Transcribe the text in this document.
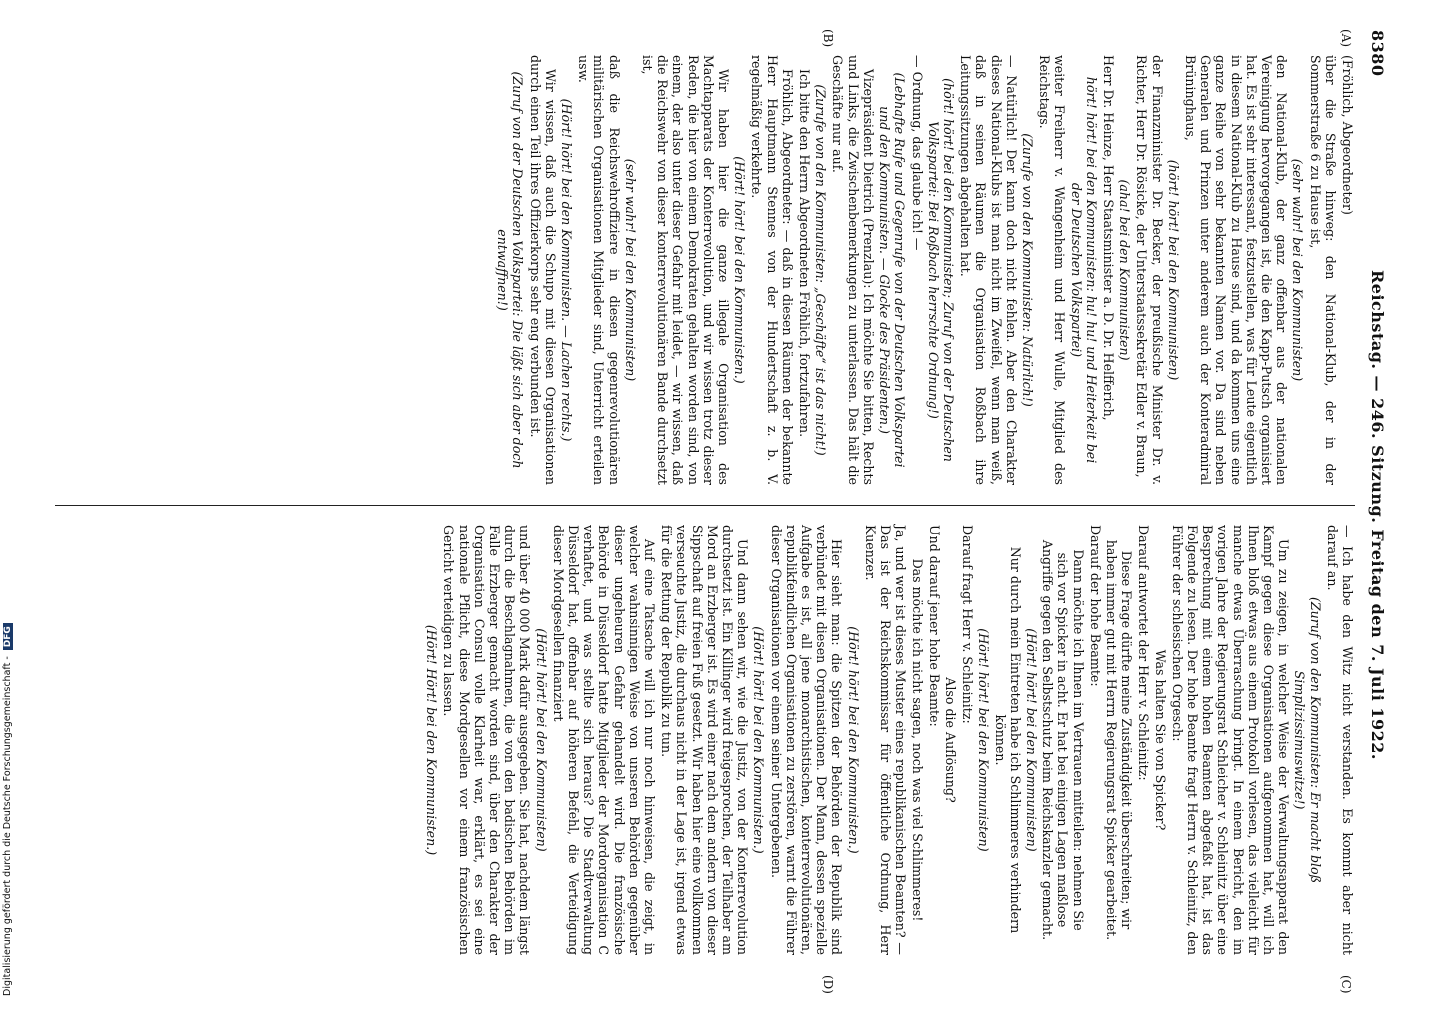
8380
Reichstag. — 246. Sitzung. Freitag den 7. Juli 1922.
(A)
(B)
(C)
(D)

(Fröhlich, Abgeordneter)

über die Straße hinweg: den National-Klub, der in der Sommerstraße 6 zu Hause ist,

(sehr wahr! bei den Kommunisten)

den National-Klub, der ganz offenbar aus der nationalen Vereinigung hervorgegangen ist, die den Kapp-Putsch organisiert hat. Es ist sehr interessant, festzustellen, was für Leute eigentlich in diesem National-Klub zu Hause sind, und da kommen uns eine ganze Reihe von sehr bekannten Namen vor. Da sind neben Generalen und Prinzen unter anderem auch der Konteradmiral Brüninghaus,

(hört! hört! bei den Kommunisten)

der Finanzminister Dr. Becker, der preußische Minister Dr. v. Richter, Herr Dr. Rösicke, der Unterstaatssekretär Edler v. Braun,

(aha! bei den Kommunisten)

Herr Dr. Heinze, Herr Staatsminister a. D. Dr. Helfferich,

hört! hört! bei den Kommunisten: hu! hu! und Heiterkeit bei der Deutschen Volkspartei)

weiter Freiherr v. Wangenheim und Herr Wulle, Mitglied des Reichstags.

(Zurufe von den Kommunisten: Natürlich!)

— Natürlich! Der kann doch nicht fehlen. Aber den Charakter dieses National-Klubs ist man nicht im Zweifel, wenn man weiß, daß in seinen Räumen die Organisation Roßbach ihre Leitungssitzungen abgehalten hat.

(hört! hört! bei den Kommunisten; Zuruf von der Deutschen Volkspartei: Bei Roßbach herrschte Ordnung!)

— Ordnung, das glaube ich! —

(Lebhafte Rufe und Gegenrufe von der Deutschen Volkspartei und den Kommunisten. — Glocke des Präsidenten.)

Vizepräsident Dietrich (Prenzlau): Ich möchte Sie bitten, Rechts und Links, die Zwischenbemerkungen zu unterlassen. Das hält die Geschäfte nur auf.

(Zurufe von den Kommunisten: „Geschäfte“ ist das nicht!)

Ich bitte den Herrn Abgeordneten Fröhlich, fortzufahren.

Fröhlich, Abgeordneter: — daß in diesen Räumen der bekannte Herr Hauptmann Stennes von der Hundertschaft z. b. V. regelmäßig verkehrte.

(Hört! hört! bei den Kommunisten.)

Wir haben hier die ganze illegale Organisation des Machtapparats der Konterrevolution, und wir wissen trotz dieser Reden, die hier von einem Demokraten gehalten worden sind, von einem, der also unter dieser Gefahr mit leidet, — wir wissen, daß die Reichswehr von dieser konterrevolutionären Bande durchsetzt ist,

(sehr wahr! bei den Kommunisten)

daß die Reichswehroffiziere in diesen gegenrevolutionären militärischen Organisationen Mitglieder sind, Unterricht erteilen usw.

(Hört! hört! bei den Kommunisten. — Lachen rechts.)

Wir wissen, daß auch die Schupo mit diesen Organisationen durch einen Teil ihres Offizierkorps sehr eng verbunden ist.

(Zuruf von der Deutschen Volkspartei: Die läßt sich aber doch entwaffnen!)

— Ich habe den Witz nicht verstanden. Es kommt aber nicht darauf an.

(Zuruf von den Kommunisten: Er macht bloß Simplizissimuswitze!)

Um zu zeigen, in welcher Weise der Verwaltungsapparat den Kampf gegen diese Organisationen aufgenommen hat, will ich Ihnen bloß etwas aus einem Protokoll vorlesen, das vielleicht für manche etwas Überraschung bringt. In einem Bericht, den im vorigen Jahre der Regierungsrat Schleicher v. Schleinitz über eine Besprechung mit einem hohen Beamten abgefaßt hat, ist das Folgende zu lesen. Der hohe Beamte fragt Herrn v. Schleinitz, den Führer der schlesischen Orgesch:

Was halten Sie von Spicker?

Darauf antwortet der Herr v. Schleinitz:

Diese Frage dürfte meine Zuständigkeit überschreiten; wir haben immer gut mit Herrn Regierungsrat Spicker gearbeitet.

Darauf der hohe Beamte:

Dann möchte ich Ihnen im Vertrauen mitteilen: nehmen Sie sich vor Spicker in acht. Er hat bei einigen Lagen maßlose Angriffe gegen den Selbstschutz beim Reichskanzler gemacht.

(Hört! hört! bei den Kommunisten)

Nur durch mein Eintreten habe ich Schlimmeres verhindern können.

(Hört! hört! bei den Kommunisten)

Darauf fragt Herr v. Schleinitz:

Also die Auflösung?

Und darauf jener hohe Beamte:

Das möchte ich nicht sagen, noch was viel Schlimmeres!

Ja, und wer ist dieses Muster eines republikanischen Beamten? — Das ist der Reichskommissar für öffentliche Ordnung, Herr Kuenzer.

(Hört! hört! bei den Kommunisten.)

Hier sieht man: die Spitzen der Behörden der Republik sind verbündet mit diesen Organisationen. Der Mann, dessen spezielle Aufgabe es ist, all jene monarchistischen, konterrevolutionären, republikfeindlichen Organisationen zu zerstören, warnt die Führer dieser Organisationen vor einem seiner Untergebenen.

(Hört! hört! bei den Kommunisten.)

Und dann sehen wir, wie die Justiz, von der Konterrevolution durchsetzt ist. Ein Killinger wird freigesprochen, der Teilhaber am Mord an Erzberger ist. Es wird einer nach dem andern von dieser Sippschaft auf freien Fuß gesetzt. Wir haben hier eine vollkommen verseuchte Justiz, die durchaus nicht in der Lage ist, irgend etwas für die Rettung der Republik zu tun.

Auf eine Tatsache will ich nur noch hinweisen, die zeigt, in welcher wahnsinnigen Weise von unseren Behörden gegenüber dieser ungeheuren Gefahr gehandelt wird. Die französische Behörde in Düsseldorf hatte Mitglieder der Mordorganisation C verhaftet, und was stellte sich heraus? Die Stadtverwaltung Düsseldorf hat, offenbar auf höheren Befehl, die Verteidigung dieser Mordgesellen finanziert

(Hört! hört! bei den Kommunisten)

und über 40 000 Mark dafür ausgegeben. Sie hat, nachdem längst durch die Beschlagnahmen, die von den badischen Behörden im Falle Erzberger gemacht worden sind, über den Charakter der Organisation Consul volle Klarheit war, erklärt, es sei eine nationale Pflicht, diese Mordgesellen vor einem französischen Gericht verteidigen zu lassen.

(Hört! Hört! bei den Kommunisten.)

Digitalisierung gefördert durch die Deutsche Forschungsgemeinschaft - DFG
